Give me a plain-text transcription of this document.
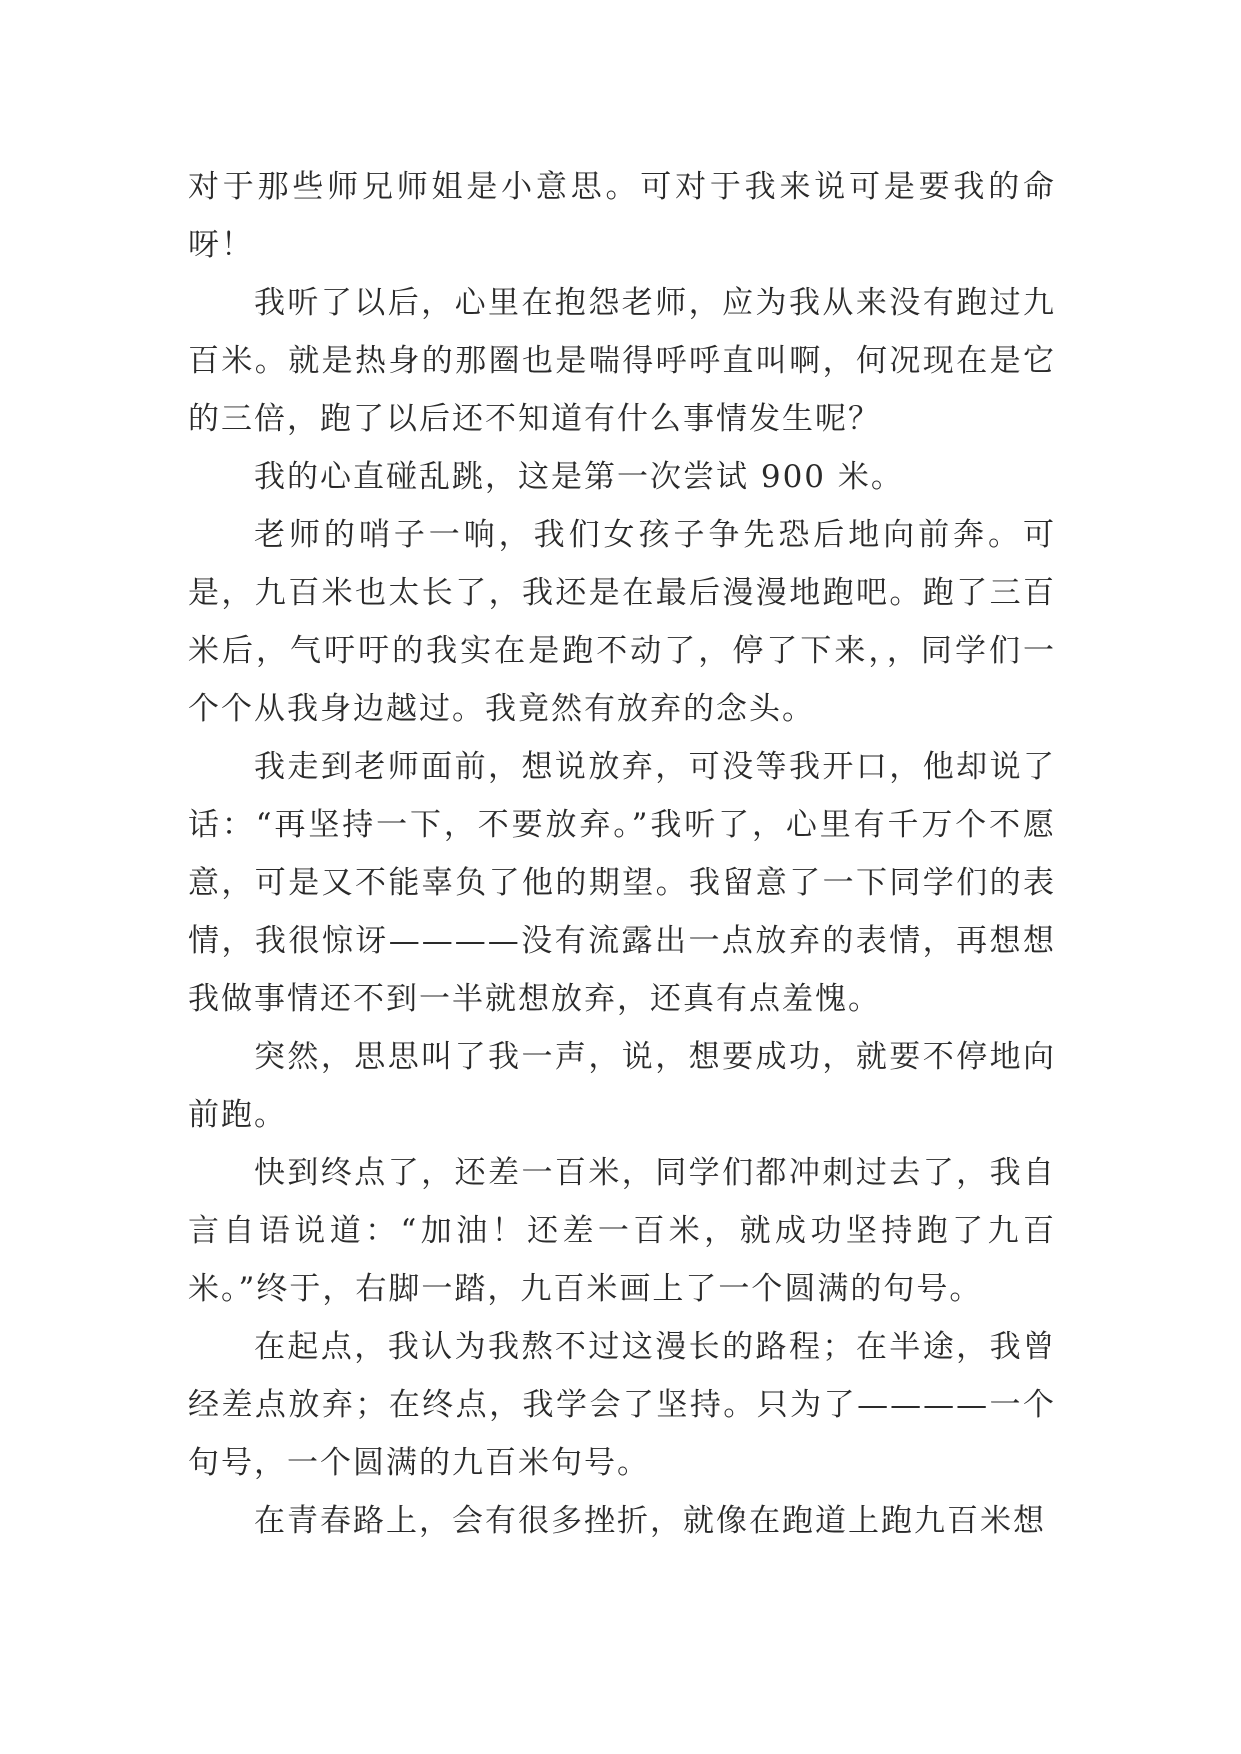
对于那些师兄师姐是小意思。可对于我来说可是要我的命呀！

我听了以后，心里在抱怨老师，应为我从来没有跑过九百米。就是热身的那圈也是喘得呼呼直叫啊，何况现在是它的三倍，跑了以后还不知道有什么事情发生呢？

我的心直碰乱跳，这是第一次尝试 900 米。

老师的哨子一响，我们女孩子争先恐后地向前奔。可是，九百米也太长了，我还是在最后漫漫地跑吧。跑了三百米后，气吁吁的我实在是跑不动了，停了下来，，同学们一个个从我身边越过。我竟然有放弃的念头。

我走到老师面前，想说放弃，可没等我开口，他却说了话：“再坚持一下，不要放弃。”我听了，心里有千万个不愿意，可是又不能辜负了他的期望。我留意了一下同学们的表情，我很惊讶————没有流露出一点放弃的表情，再想想我做事情还不到一半就想放弃，还真有点羞愧。

突然，思思叫了我一声，说，想要成功，就要不停地向前跑。

快到终点了，还差一百米，同学们都冲刺过去了，我自言自语说道：“加油！还差一百米，就成功坚持跑了九百米。”终于，右脚一踏，九百米画上了一个圆满的句号。

在起点，我认为我熬不过这漫长的路程；在半途，我曾经差点放弃；在终点，我学会了坚持。只为了————一个句号，一个圆满的九百米句号。

在青春路上，会有很多挫折，就像在跑道上跑九百米想
